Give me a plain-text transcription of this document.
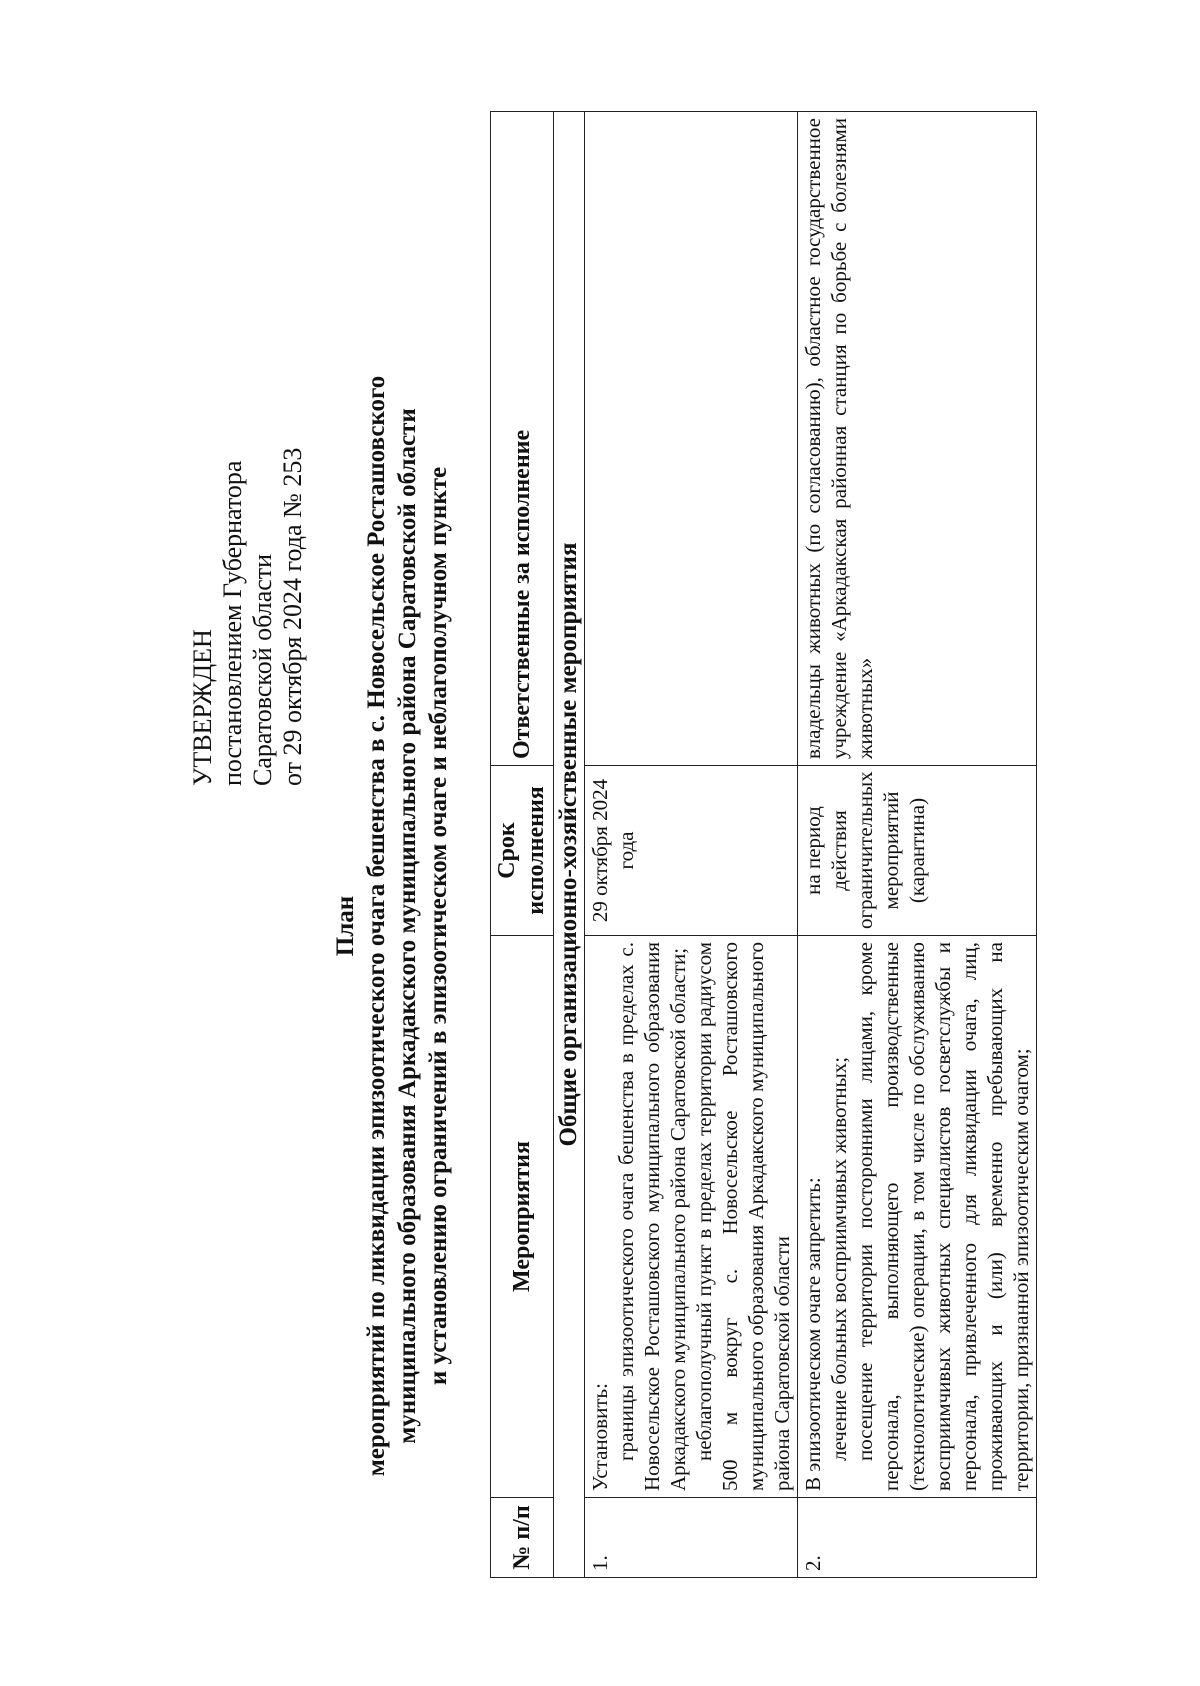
УТВЕРЖДЕН постановлением Губернатора Саратовской области от 29 октября 2024 года № 253
План мероприятий по ликвидации эпизоотического очага бешенства в с. Новосельское Росташовского муниципального образования Аркадакского муниципального района Саратовской области и установлению ограничений в эпизоотическом очаге и неблагополучном пункте
№ п/п	Мероприятия	Срок исполнения	Ответственные за исполнение
Общие организационно-хозяйственные мероприятия			
1.	Установить: границы эпизоотического очага бешенства в пределах с. Новосельское Росташовского муниципального образования Аркадакского муниципального района Саратовской области; неблагополучный пункт в пределах территории радиусом 500 м вокруг с. Новосельское Росташовского муниципального образования Аркадакского муниципального района Саратовской области	29 октября 2024 года	
2.	В эпизоотическом очаге запретить: лечение больных восприимчивых животных; посещение территории посторонними лицами, кроме персонала, выполняющего производственные (технологические) операции, в том числе по обслуживанию восприимчивых животных специалистов госветслужбы и персонала, привлеченного для ликвидации очага, лиц, проживающих и (или) временно пребывающих на территории, признанной эпизоотическим очагом;	на период действия ограничительных мероприятий (карантина)	владельцы животных (по согласованию), областное государственное учреждение «Аркадакская районная станция по борьбе с болезнями животных»
